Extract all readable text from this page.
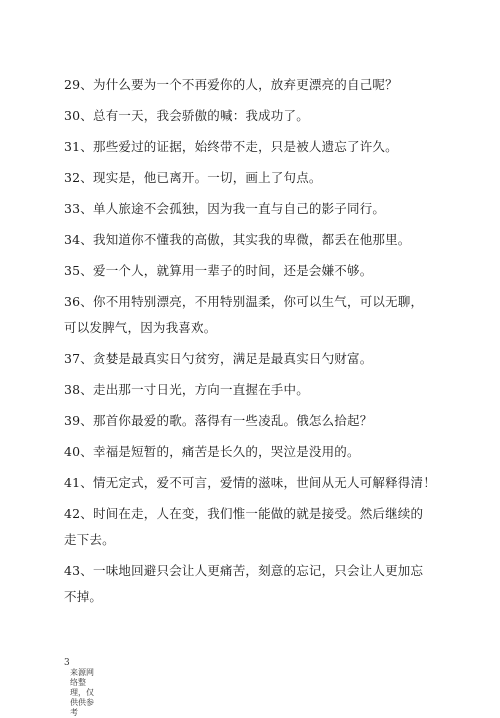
29、为什么要为一个不再爱你的人，放弃更漂亮的自己呢？
30、总有一天，我会骄傲的喊：我成功了。
31、那些爱过的证据，始终带不走，只是被人遗忘了许久。
32、现实是，他已离开。一切，画上了句点。
33、单人旅途不会孤独，因为我一直与自己的影子同行。
34、我知道你不懂我的高傲，其实我的卑微，都丢在他那里。
35、爱一个人，就算用一辈子的时间，还是会嫌不够。
36、你不用特别漂亮，不用特别温柔，你可以生气，可以无聊，
可以发脾气，因为我喜欢。
37、贪婪是最真实日勺贫穷，满足是最真实日勺财富。
38、走出那一寸日光，方向一直握在手中。
39、那首你最爱的歌。落得有一些凌乱。俄怎么拾起？
40、幸福是短暂的，痛苦是长久的，哭泣是没用的。
41、情无定式，爱不可言，爱情的滋味，世间从无人可解释得清！
42、时间在走，人在变，我们惟一能做的就是接受。然后继续的
走下去。
43、一味地回避只会让人更痛苦，刻意的忘记，只会让人更加忘
不掉。
3
来源网络整理，仅供供参考
